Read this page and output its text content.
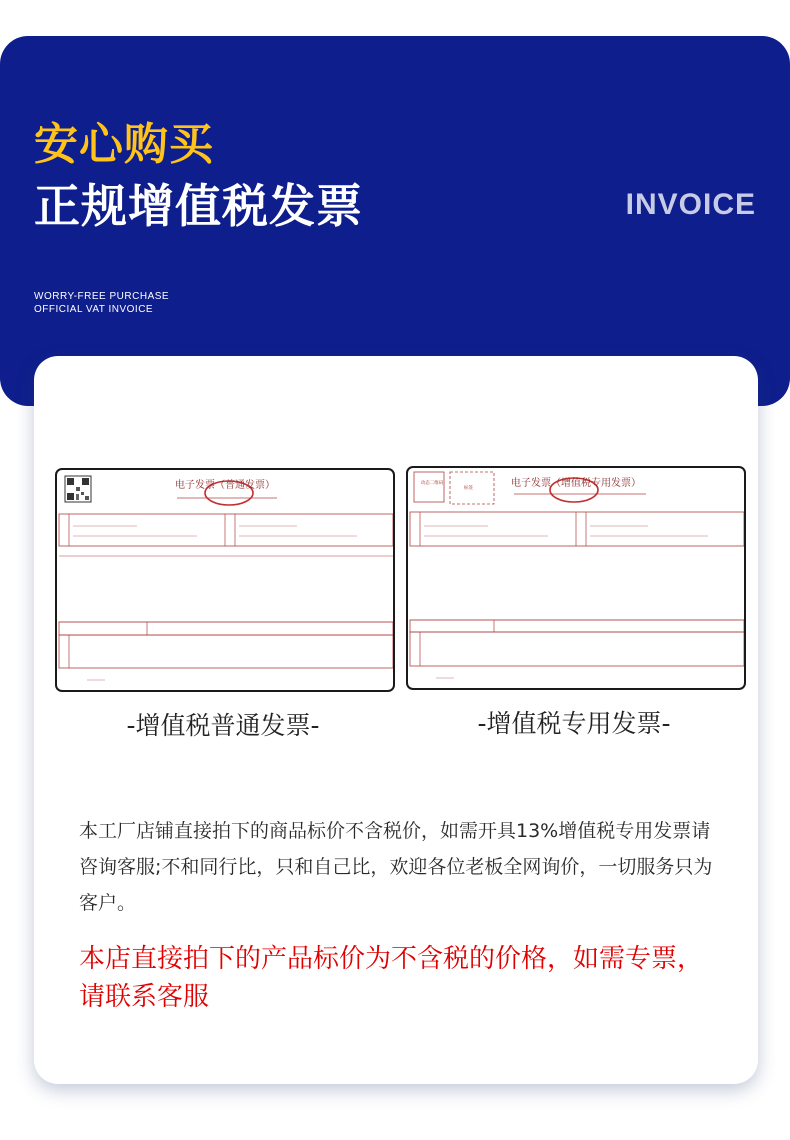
安心购买
正规增值税发票	INVOICE
WORRY-FREE PURCHASE
OFFICIAL VAT INVOICE
电子发票（普通发票）
-增值税普通发票-
电子发票（增值税专用发票）
动态二维码
标签
-增值税专用发票-
本工厂店铺直接拍下的商品标价不含税价，如需开具13%增值税专用发票请咨询客服;不和同行比，只和自己比，欢迎各位老板全网询价，一切服务只为客户。
本店直接拍下的产品标价为不含税的价格，如需专票，请联系客服
